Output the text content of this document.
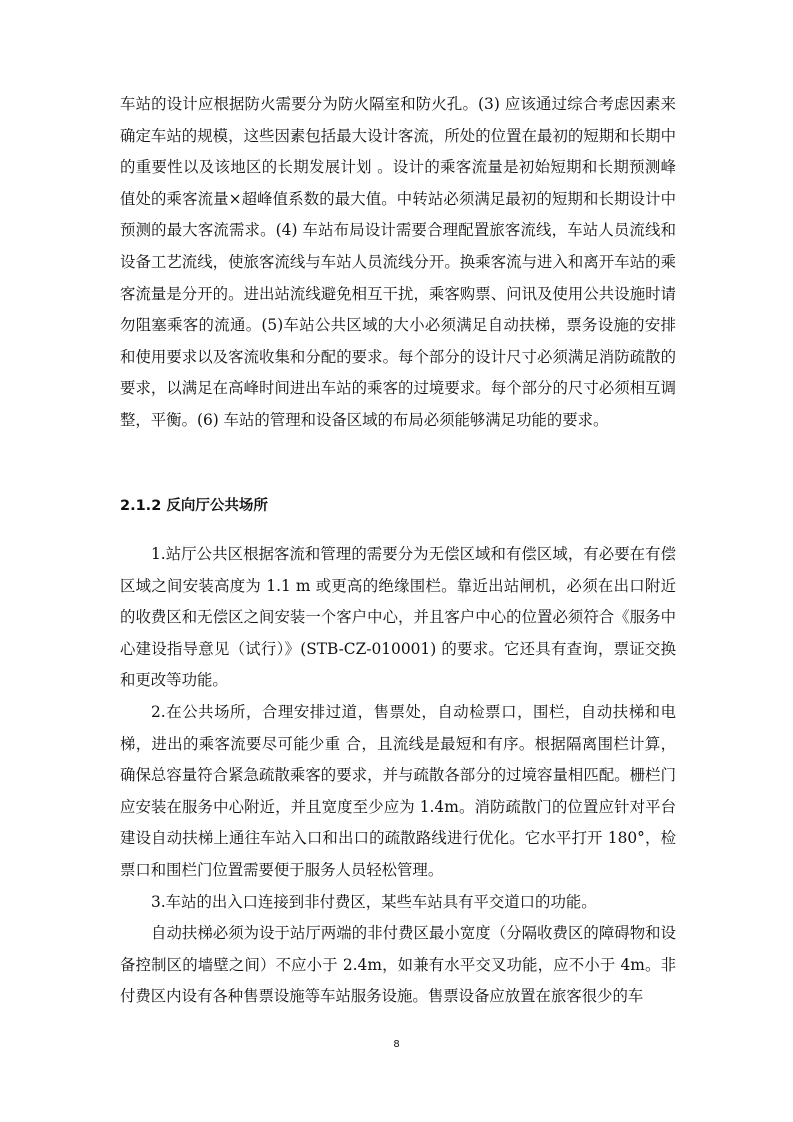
车站的设计应根据防火需要分为防火隔室和防火孔。(3) 应该通过综合考虑因素来确定车站的规模，这些因素包括最大设计客流，所处的位置在最初的短期和长期中的重要性以及该地区的长期发展计划 。设计的乘客流量是初始短期和长期预测峰值处的乘客流量×超峰值系数的最大值。中转站必须满足最初的短期和长期设计中预测的最大客流需求。(4) 车站布局设计需要合理配置旅客流线，车站人员流线和设备工艺流线，使旅客流线与车站人员流线分开。换乘客流与进入和离开车站的乘客流量是分开的。进出站流线避免相互干扰，乘客购票、问讯及使用公共设施时请勿阻塞乘客的流通。(5)车站公共区域的大小必须满足自动扶梯，票务设施的安排和使用要求以及客流收集和分配的要求。每个部分的设计尺寸必须满足消防疏散的要求，以满足在高峰时间进出车站的乘客的过境要求。每个部分的尺寸必须相互调整，平衡。(6) 车站的管理和设备区域的布局必须能够满足功能的要求。

2.1.2 反向厅公共场所

1.站厅公共区根据客流和管理的需要分为无偿区域和有偿区域，有必要在有偿区域之间安装高度为 1.1 m 或更高的绝缘围栏。靠近出站闸机，必须在出口附近的收费区和无偿区之间安装一个客户中心，并且客户中心的位置必须符合《服务中心建设指导意见（试行）》(STB-CZ-010001) 的要求。它还具有查询，票证交换和更改等功能。

2.在公共场所，合理安排过道，售票处，自动检票口，围栏，自动扶梯和电梯，进出的乘客流要尽可能少重 合，且流线是最短和有序。根据隔离围栏计算，确保总容量符合紧急疏散乘客的要求，并与疏散各部分的过境容量相匹配。栅栏门应安装在服务中心附近，并且宽度至少应为 1.4m。消防疏散门的位置应针对平台建设自动扶梯上通往车站入口和出口的疏散路线进行优化。它水平打开 180°，检票口和围栏门位置需要便于服务人员轻松管理。

3.车站的出入口连接到非付费区，某些车站具有平交道口的功能。

自动扶梯必须为设于站厅两端的非付费区最小宽度（分隔收费区的障碍物和设备控制区的墙壁之间）不应小于 2.4m，如兼有水平交叉功能，应不小于 4m。非付费区内设有各种售票设施等车站服务设施。售票设备应放置在旅客很少的车

8
